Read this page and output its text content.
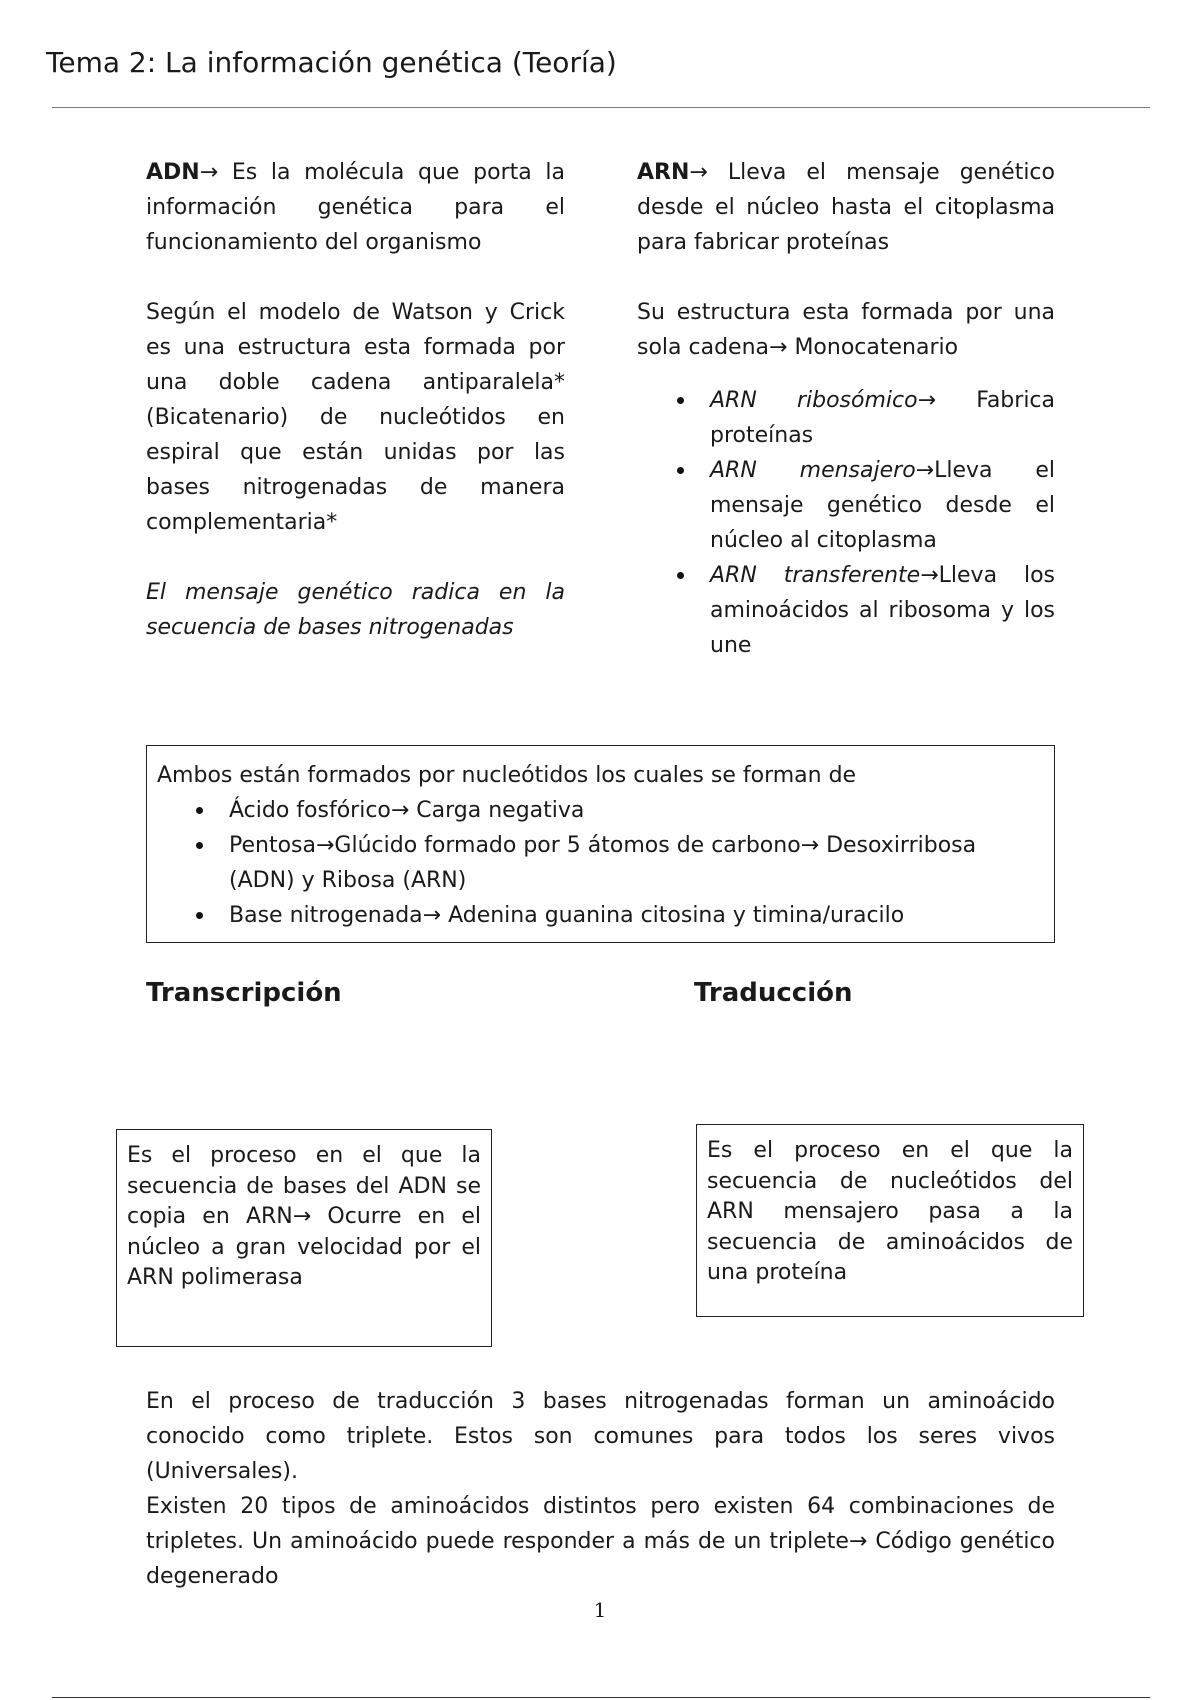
Tema 2: La información genética (Teoría)

ADN→ Es la molécula que porta la información genética para el funcionamiento del organismo

Según el modelo de Watson y Crick es una estructura esta formada por una doble cadena antiparalela* (Bicatenario) de nucleótidos en espiral que están unidas por las bases nitrogenadas de manera complementaria*

El mensaje genético radica en la secuencia de bases nitrogenadas

ARN→ Lleva el mensaje genético desde el núcleo hasta el citoplasma para fabricar proteínas

Su estructura esta formada por una sola cadena→ Monocatenario

ARN ribosómico→ Fabrica proteínas
ARN mensajero→Lleva el mensaje genético desde el núcleo al citoplasma
ARN transferente→Lleva los aminoácidos al ribosoma y los une
Ambos están formados por nucleótidos los cuales se forman de
Ácido fosfórico→ Carga negativa
Pentosa→Glúcido formado por 5 átomos de carbono→ Desoxirribosa (ADN) y Ribosa (ARN)
Base nitrogenada→ Adenina guanina citosina y timina/uracilo
Transcripción	Traducción
Es el proceso en el que la secuencia de bases del ADN se copia en ARN→ Ocurre en el núcleo a gran velocidad por el ARN polimerasa
Es el proceso en el que la secuencia de nucleótidos del ARN mensajero pasa a la secuencia de aminoácidos de una proteína

En el proceso de traducción 3 bases nitrogenadas forman un aminoácido conocido como triplete. Estos son comunes para todos los seres vivos (Universales).

Existen 20 tipos de aminoácidos distintos pero existen 64 combinaciones de tripletes. Un aminoácido puede responder a más de un triplete→ Código genético degenerado

1
